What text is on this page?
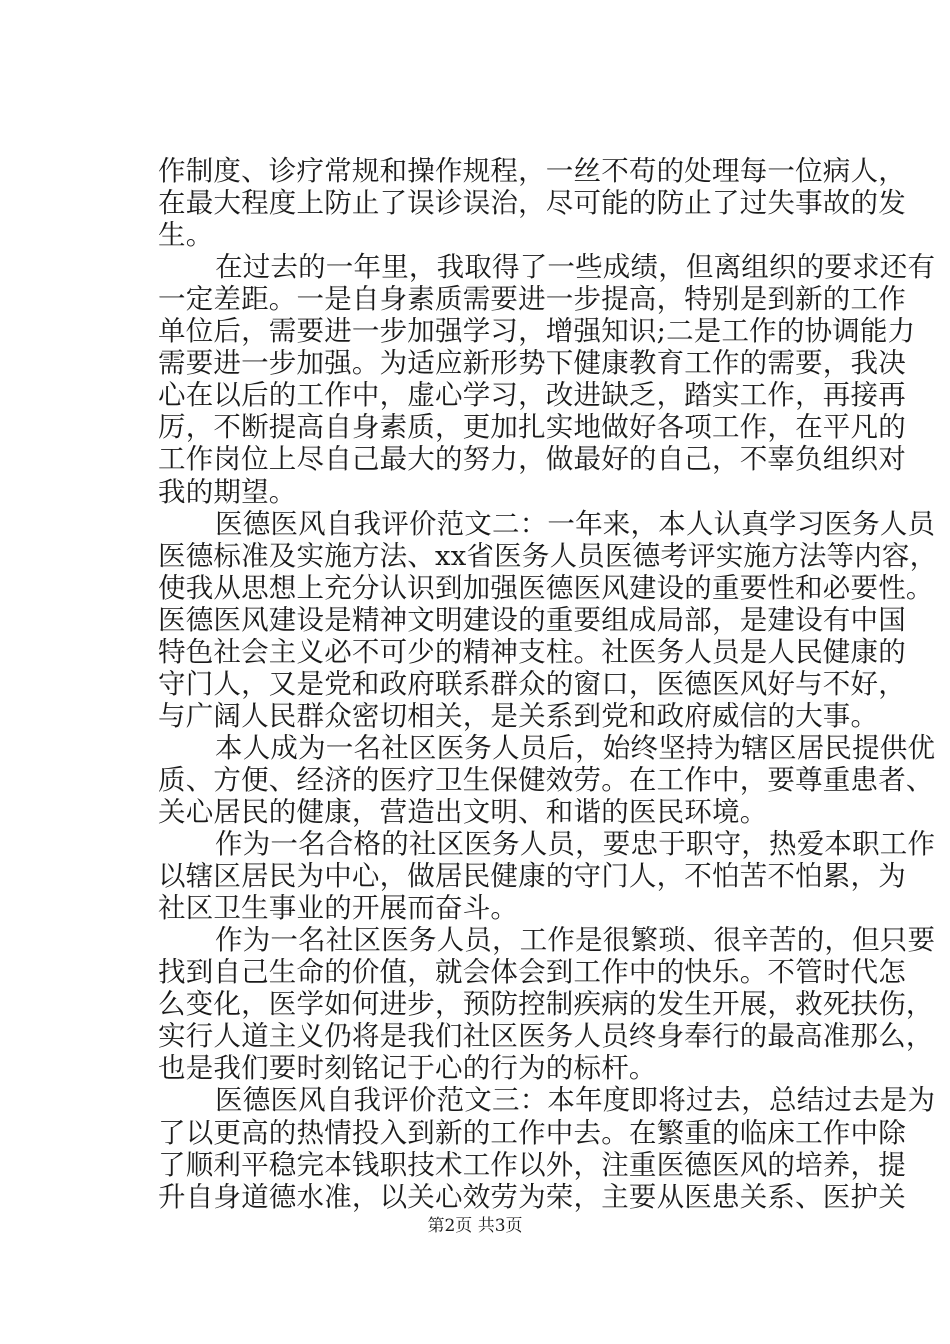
作制度、诊疗常规和操作规程，一丝不苟的处理每一位病人，
在最大程度上防止了误诊误治，尽可能的防止了过失事故的发
生。
在过去的一年里，我取得了一些成绩，但离组织的要求还有
一定差距。一是自身素质需要进一步提高，特别是到新的工作
单位后，需要进一步加强学习，增强知识;二是工作的协调能力
需要进一步加强。为适应新形势下健康教育工作的需要，我决
心在以后的工作中，虚心学习，改进缺乏，踏实工作，再接再
厉，不断提高自身素质，更加扎实地做好各项工作，在平凡的
工作岗位上尽自己最大的努力，做最好的自己，不辜负组织对
我的期望。
医德医风自我评价范文二：一年来，本人认真学习医务人员
医德标准及实施方法、xx省医务人员医德考评实施方法等内容，
使我从思想上充分认识到加强医德医风建设的重要性和必要性。
医德医风建设是精神文明建设的重要组成局部，是建设有中国
特色社会主义必不可少的精神支柱。社医务人员是人民健康的
守门人，又是党和政府联系群众的窗口，医德医风好与不好，
与广阔人民群众密切相关，是关系到党和政府威信的大事。
本人成为一名社区医务人员后，始终坚持为辖区居民提供优
质、方便、经济的医疗卫生保健效劳。在工作中，要尊重患者、
关心居民的健康，营造出文明、和谐的医民环境。
作为一名合格的社区医务人员，要忠于职守，热爱本职工作
以辖区居民为中心，做居民健康的守门人，不怕苦不怕累，为
社区卫生事业的开展而奋斗。
作为一名社区医务人员，工作是很繁琐、很辛苦的，但只要
找到自己生命的价值，就会体会到工作中的快乐。不管时代怎
么变化，医学如何进步，预防控制疾病的发生开展，救死扶伤，
实行人道主义仍将是我们社区医务人员终身奉行的最高准那么，
也是我们要时刻铭记于心的行为的标杆。
医德医风自我评价范文三：本年度即将过去，总结过去是为
了以更高的热情投入到新的工作中去。在繁重的临床工作中除
了顺利平稳完本钱职技术工作以外，注重医德医风的培养，提
升自身道德水准，以关心效劳为荣，主要从医患关系、医护关
第2页 共3页
